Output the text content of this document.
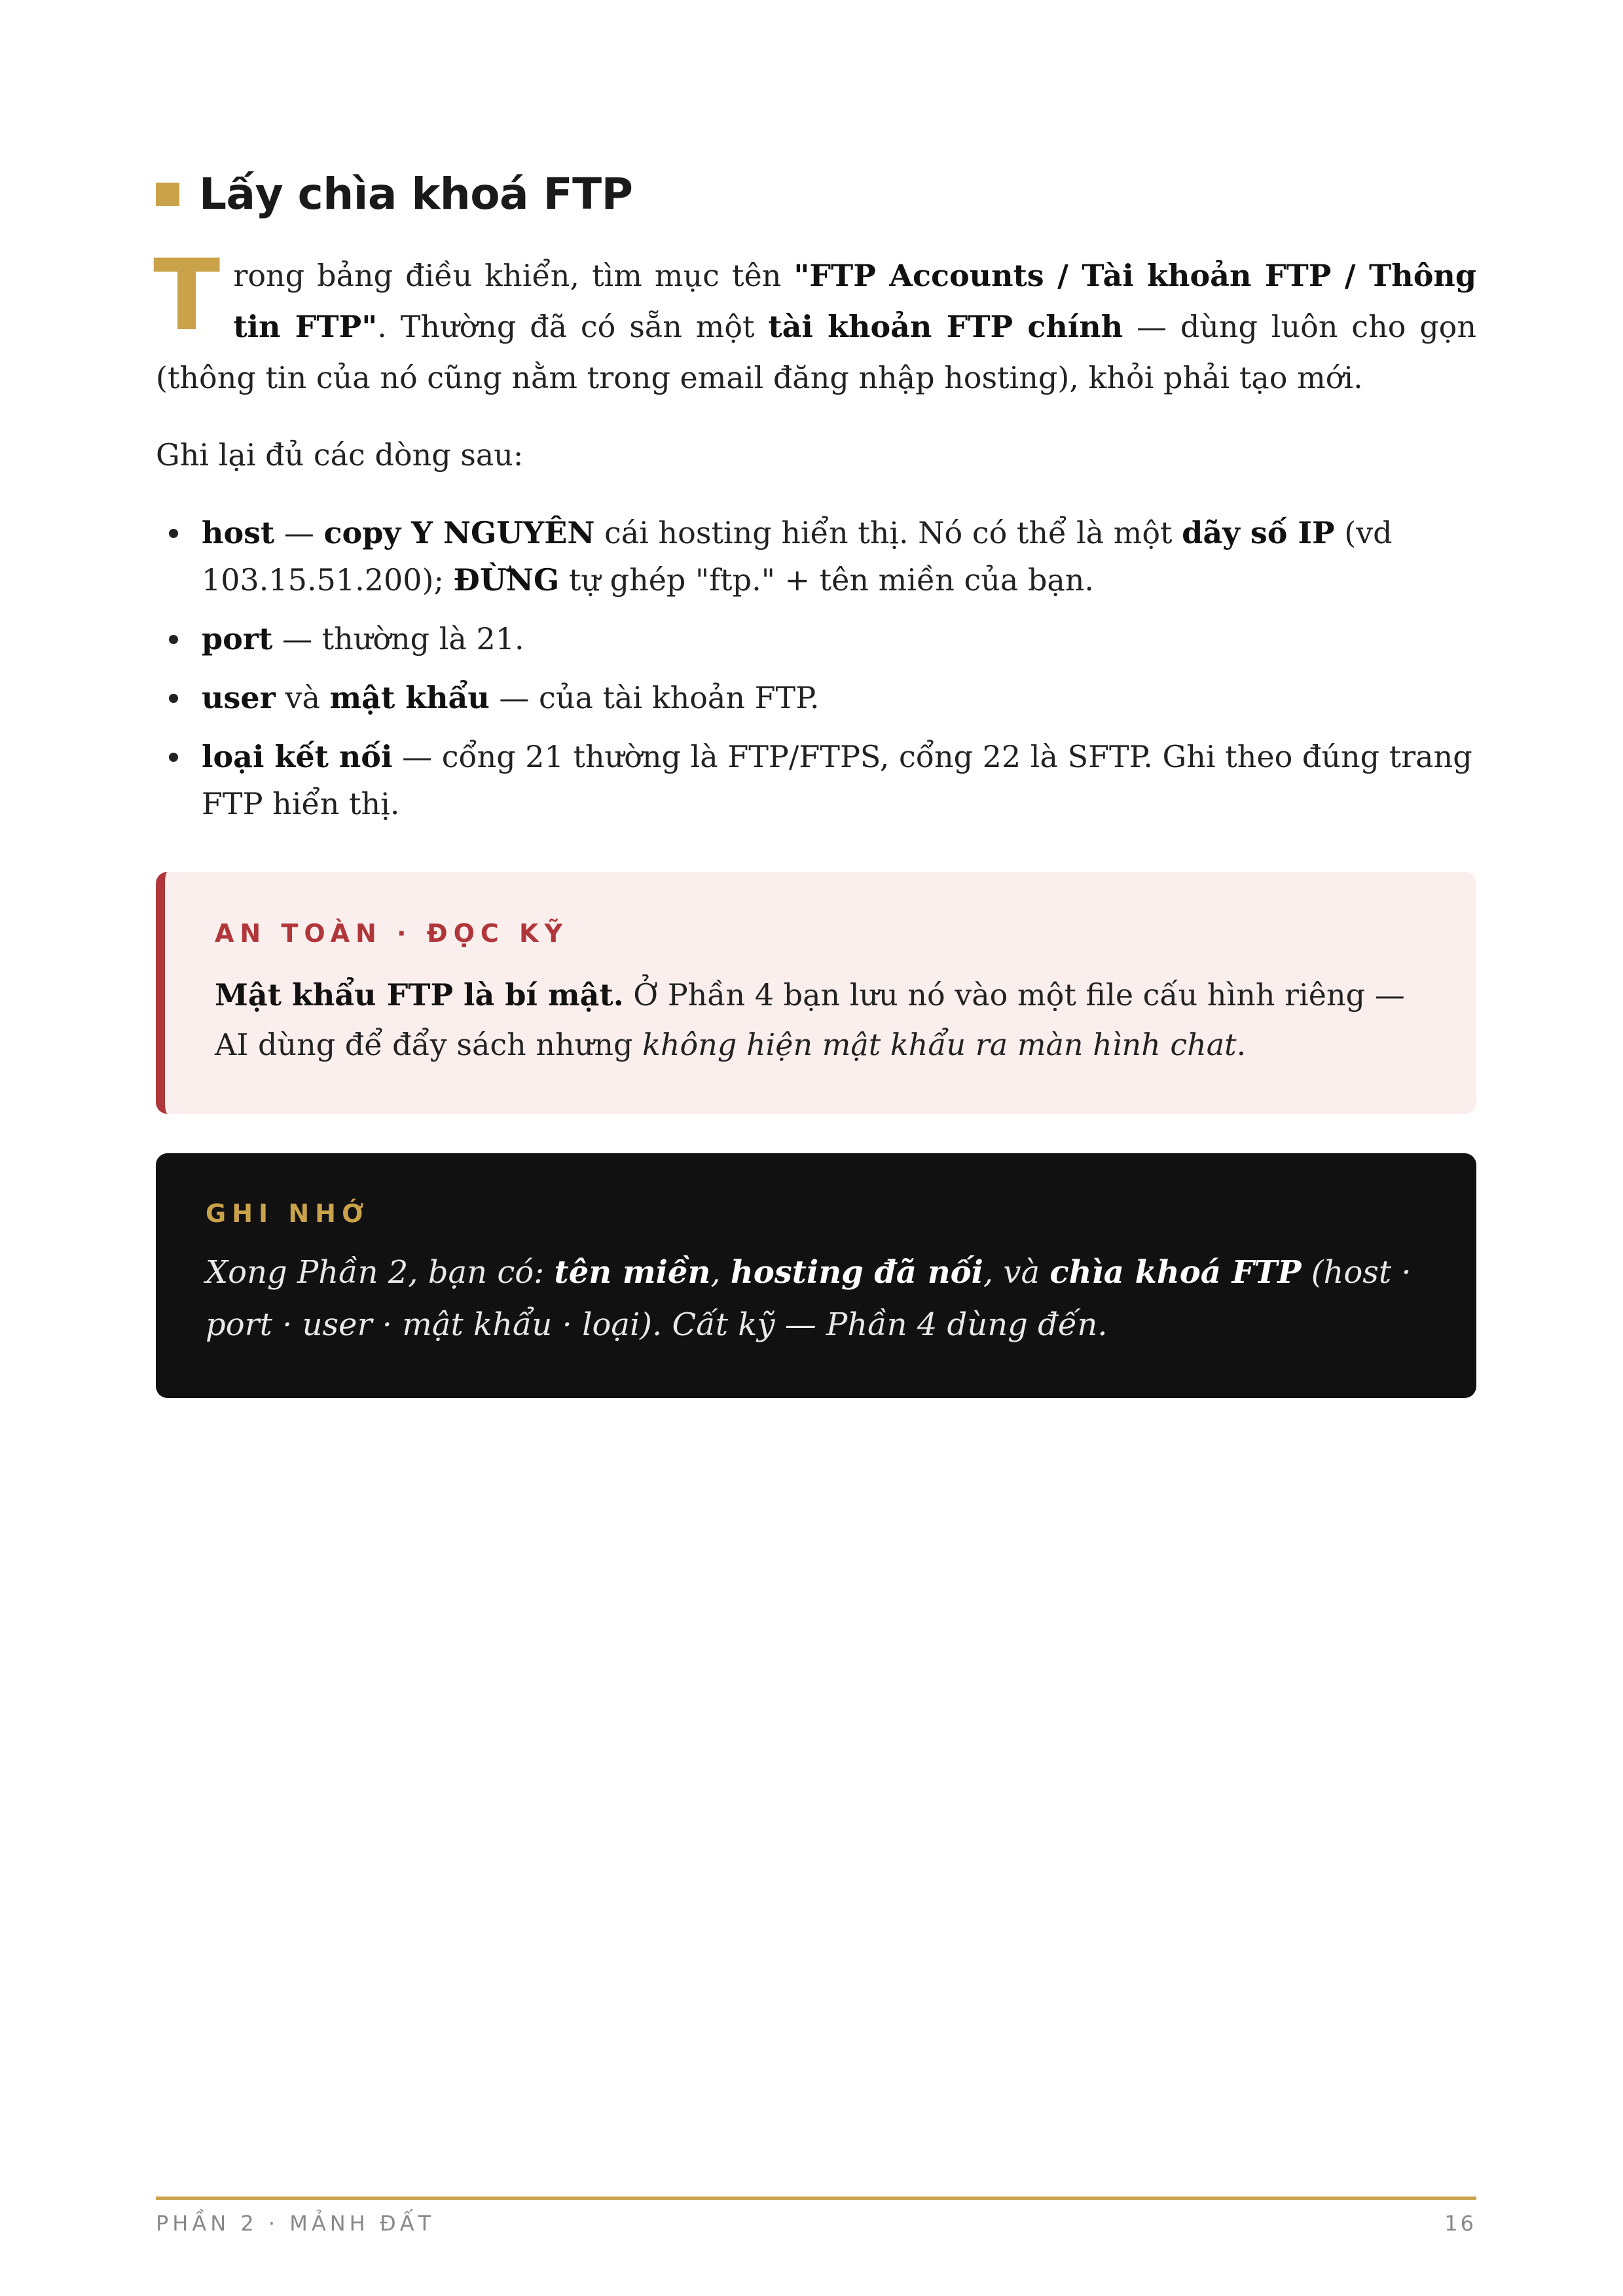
Lấy chìa khoá FTP
T rong bảng điều khiển, tìm mục tên "FTP Accounts / Tài khoản FTP / Thông tin FTP". Thường đã có sẵn một tài khoản FTP chính — dùng luôn cho gọn (thông tin của nó cũng nằm trong email đăng nhập hosting), khỏi phải tạo mới.

Ghi lại đủ các dòng sau:

host — copy Y NGUYÊN cái hosting hiển thị. Nó có thể là một dãy số IP (vd 103.15.51.200); ĐỪNG tự ghép "ftp." + tên miền của bạn.
port — thường là 21.
user và mật khẩu — của tài khoản FTP.
loại kết nối — cổng 21 thường là FTP/FTPS, cổng 22 là SFTP. Ghi theo đúng trang FTP hiển thị.
AN TOÀN · ĐỌC KỸ

Mật khẩu FTP là bí mật. Ở Phần 4 bạn lưu nó vào một file cấu hình riêng — AI dùng để đẩy sách nhưng không hiện mật khẩu ra màn hình chat.

GHI NHỚ

Xong Phần 2, bạn có: tên miền, hosting đã nối, và chìa khoá FTP (host · port · user · mật khẩu · loại). Cất kỹ — Phần 4 dùng đến.

PHẦN 2 · MẢNH ĐẤT	16
